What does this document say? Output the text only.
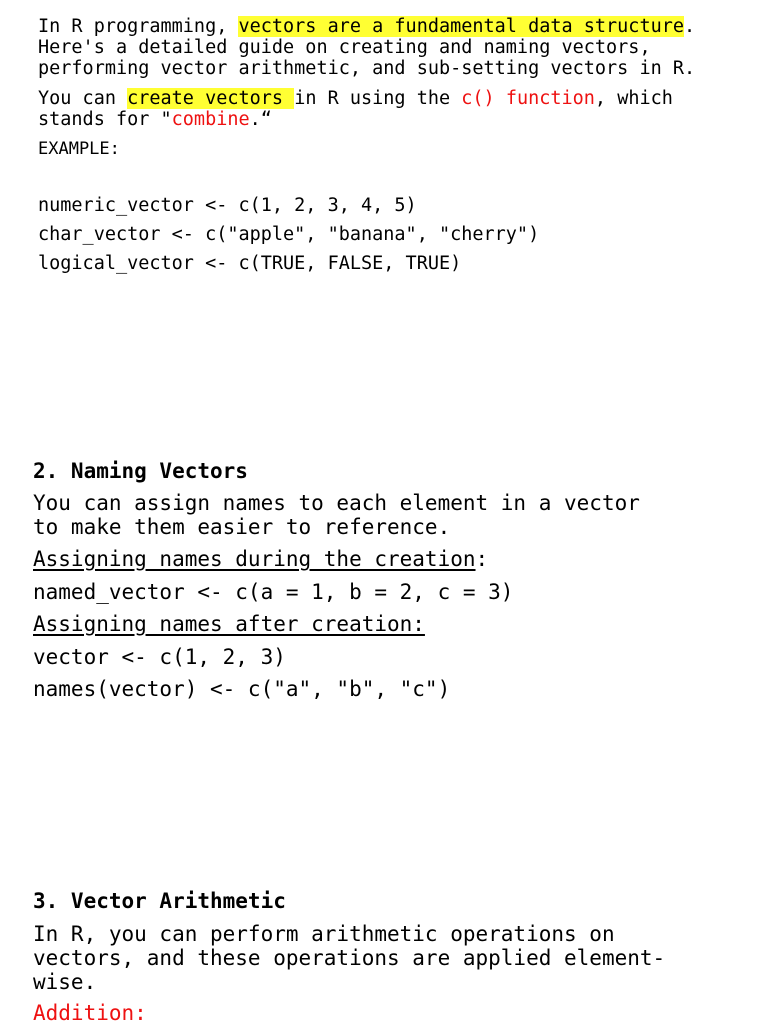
In R programming, vectors are a fundamental data structure.
Here's a detailed guide on creating and naming vectors,
performing vector arithmetic, and sub-setting vectors in R.
You can create vectors in R using the c() function, which
stands for "combine.“
EXAMPLE:
numeric_vector <- c(1, 2, 3, 4, 5)
char_vector <- c("apple", "banana", "cherry")
logical_vector <- c(TRUE, FALSE, TRUE)
2. Naming Vectors
You can assign names to each element in a vector
to make them easier to reference.
Assigning names during the creation:
named_vector <- c(a = 1, b = 2, c = 3)
Assigning names after creation:
vector <- c(1, 2, 3)
names(vector) <- c("a", "b", "c")
3. Vector Arithmetic
In R, you can perform arithmetic operations on
vectors, and these operations are applied element-
wise.
Addition:
